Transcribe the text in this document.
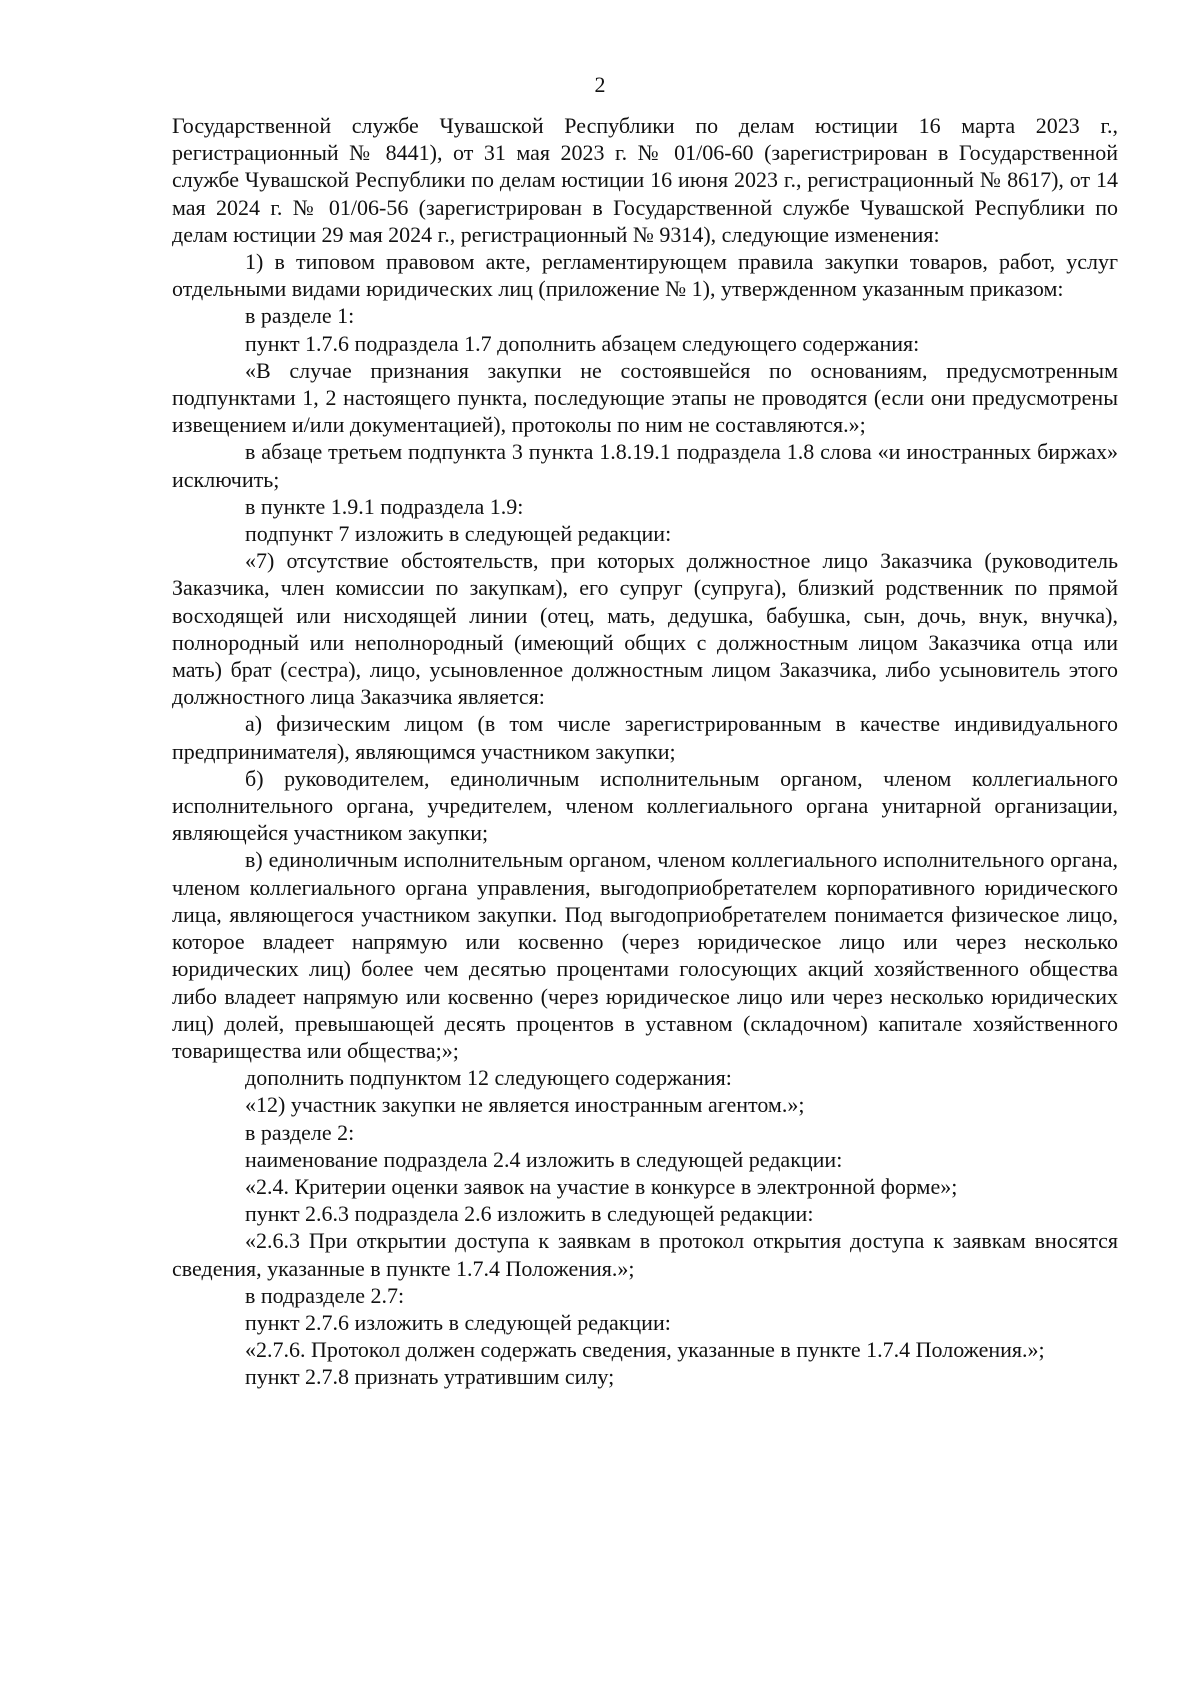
2

Государственной службе Чувашской Республики по делам юстиции 16 марта 2023 г., регистрационный № 8441), от 31 мая 2023 г. № 01/06-60 (зарегистрирован в Государственной службе Чувашской Республики по делам юстиции 16 июня 2023 г., регистрационный № 8617), от 14 мая 2024 г. № 01/06-56 (зарегистрирован в Государственной службе Чувашской Республики по делам юстиции 29 мая 2024 г., регистрационный № 9314), следующие изменения:

1) в типовом правовом акте, регламентирующем правила закупки товаров, работ, услуг отдельными видами юридических лиц (приложение № 1), утвержденном указанным приказом:

в разделе 1:

пункт 1.7.6 подраздела 1.7 дополнить абзацем следующего содержания:

«В случае признания закупки не состоявшейся по основаниям, предусмотренным подпунктами 1, 2 настоящего пункта, последующие этапы не проводятся (если они предусмотрены извещением и/или документацией), протоколы по ним не составляются.»;

в абзаце третьем подпункта 3 пункта 1.8.19.1 подраздела 1.8 слова «и иностранных биржах» исключить;

в пункте 1.9.1 подраздела 1.9:

подпункт 7 изложить в следующей редакции:

«7) отсутствие обстоятельств, при которых должностное лицо Заказчика (руководитель Заказчика, член комиссии по закупкам), его супруг (супруга), близкий родственник по прямой восходящей или нисходящей линии (отец, мать, дедушка, бабушка, сын, дочь, внук, внучка), полнородный или неполнородный (имеющий общих с должностным лицом Заказчика отца или мать) брат (сестра), лицо, усыновленное должностным лицом Заказчика, либо усыновитель этого должностного лица Заказчика является:

а) физическим лицом (в том числе зарегистрированным в качестве индивидуального предпринимателя), являющимся участником закупки;

б) руководителем, единоличным исполнительным органом, членом коллегиального исполнительного органа, учредителем, членом коллегиального органа унитарной организации, являющейся участником закупки;

в) единоличным исполнительным органом, членом коллегиального исполнительного органа, членом коллегиального органа управления, выгодоприобретателем корпоративного юридического лица, являющегося участником закупки. Под выгодоприобретателем понимается физическое лицо, которое владеет напрямую или косвенно (через юридическое лицо или через несколько юридических лиц) более чем десятью процентами голосующих акций хозяйственного общества либо владеет напрямую или косвенно (через юридическое лицо или через несколько юридических лиц) долей, превышающей десять процентов в уставном (складочном) капитале хозяйственного товарищества или общества;»;

дополнить подпунктом 12 следующего содержания:

«12) участник закупки не является иностранным агентом.»;

в разделе 2:

наименование подраздела 2.4 изложить в следующей редакции:

«2.4. Критерии оценки заявок на участие в конкурсе в электронной форме»;

пункт 2.6.3 подраздела 2.6 изложить в следующей редакции:

«2.6.3 При открытии доступа к заявкам в протокол открытия доступа к заявкам вносятся сведения, указанные в пункте 1.7.4 Положения.»;

в подразделе 2.7:

пункт 2.7.6 изложить в следующей редакции:

«2.7.6. Протокол должен содержать сведения, указанные в пункте 1.7.4 Положения.»;

пункт 2.7.8 признать утратившим силу;
